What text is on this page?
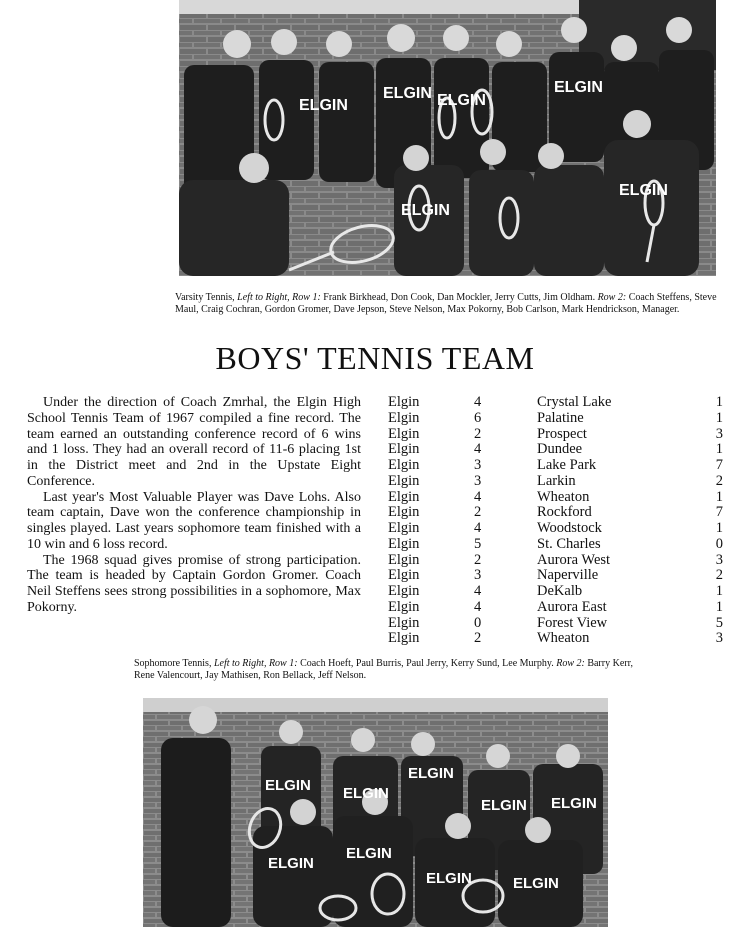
ELGIN
ELGIN ELGIN
ELGIN
ELGIN
ELGIN
Varsity Tennis, Left to Right, Row 1: Frank Birkhead, Don Cook, Dan Mockler, Jerry Cutts, Jim Oldham. Row 2: Coach Steffens, Steve Maul, Craig Cochran, Gordon Gromer, Dave Jepson, Steve Nelson, Max Pokorny, Bob Carlson, Mark Hendrickson, Manager.
BOYS' TENNIS TEAM

Under the direction of Coach Zmrhal, the Elgin High School Tennis Team of 1967 compiled a fine record. The team earned an outstanding conference record of 6 wins and 1 loss. They had an overall record of 11-6 placing 1st in the District meet and 2nd in the Upstate Eight Conference.

Last year's Most Valuable Player was Dave Lohs. Also team captain, Dave won the conference championship in singles played. Last years sophomore team finished with a 10 win and 6 loss record.

The 1968 squad gives promise of strong participation. The team is headed by Captain Gordon Gromer. Coach Neil Steffens sees strong possibilities in a sophomore, Max Pokorny.

Elgin	4	Crystal Lake	1
Elgin	6	Palatine	1
Elgin	2	Prospect	3
Elgin	4	Dundee	1
Elgin	3	Lake Park	7
Elgin	3	Larkin	2
Elgin	4	Wheaton	1
Elgin	2	Rockford	7
Elgin	4	Woodstock	1
Elgin	5	St. Charles	0
Elgin	2	Aurora West	3
Elgin	3	Naperville	2
Elgin	4	DeKalb	1
Elgin	4	Aurora East	1
Elgin	0	Forest View	5
Elgin	2	Wheaton	3
Sophomore Tennis, Left to Right, Row 1: Coach Hoeft, Paul Burris, Paul Jerry, Kerry Sund, Lee Murphy. Row 2: Barry Kerr, Rene Valencourt, Jay Mathisen, Ron Bellack, Jeff Nelson.
ELGIN ELGIN
ELGIN
ELGIN ELGIN
ELGIN
ELGIN
ELGIN	ELGIN
